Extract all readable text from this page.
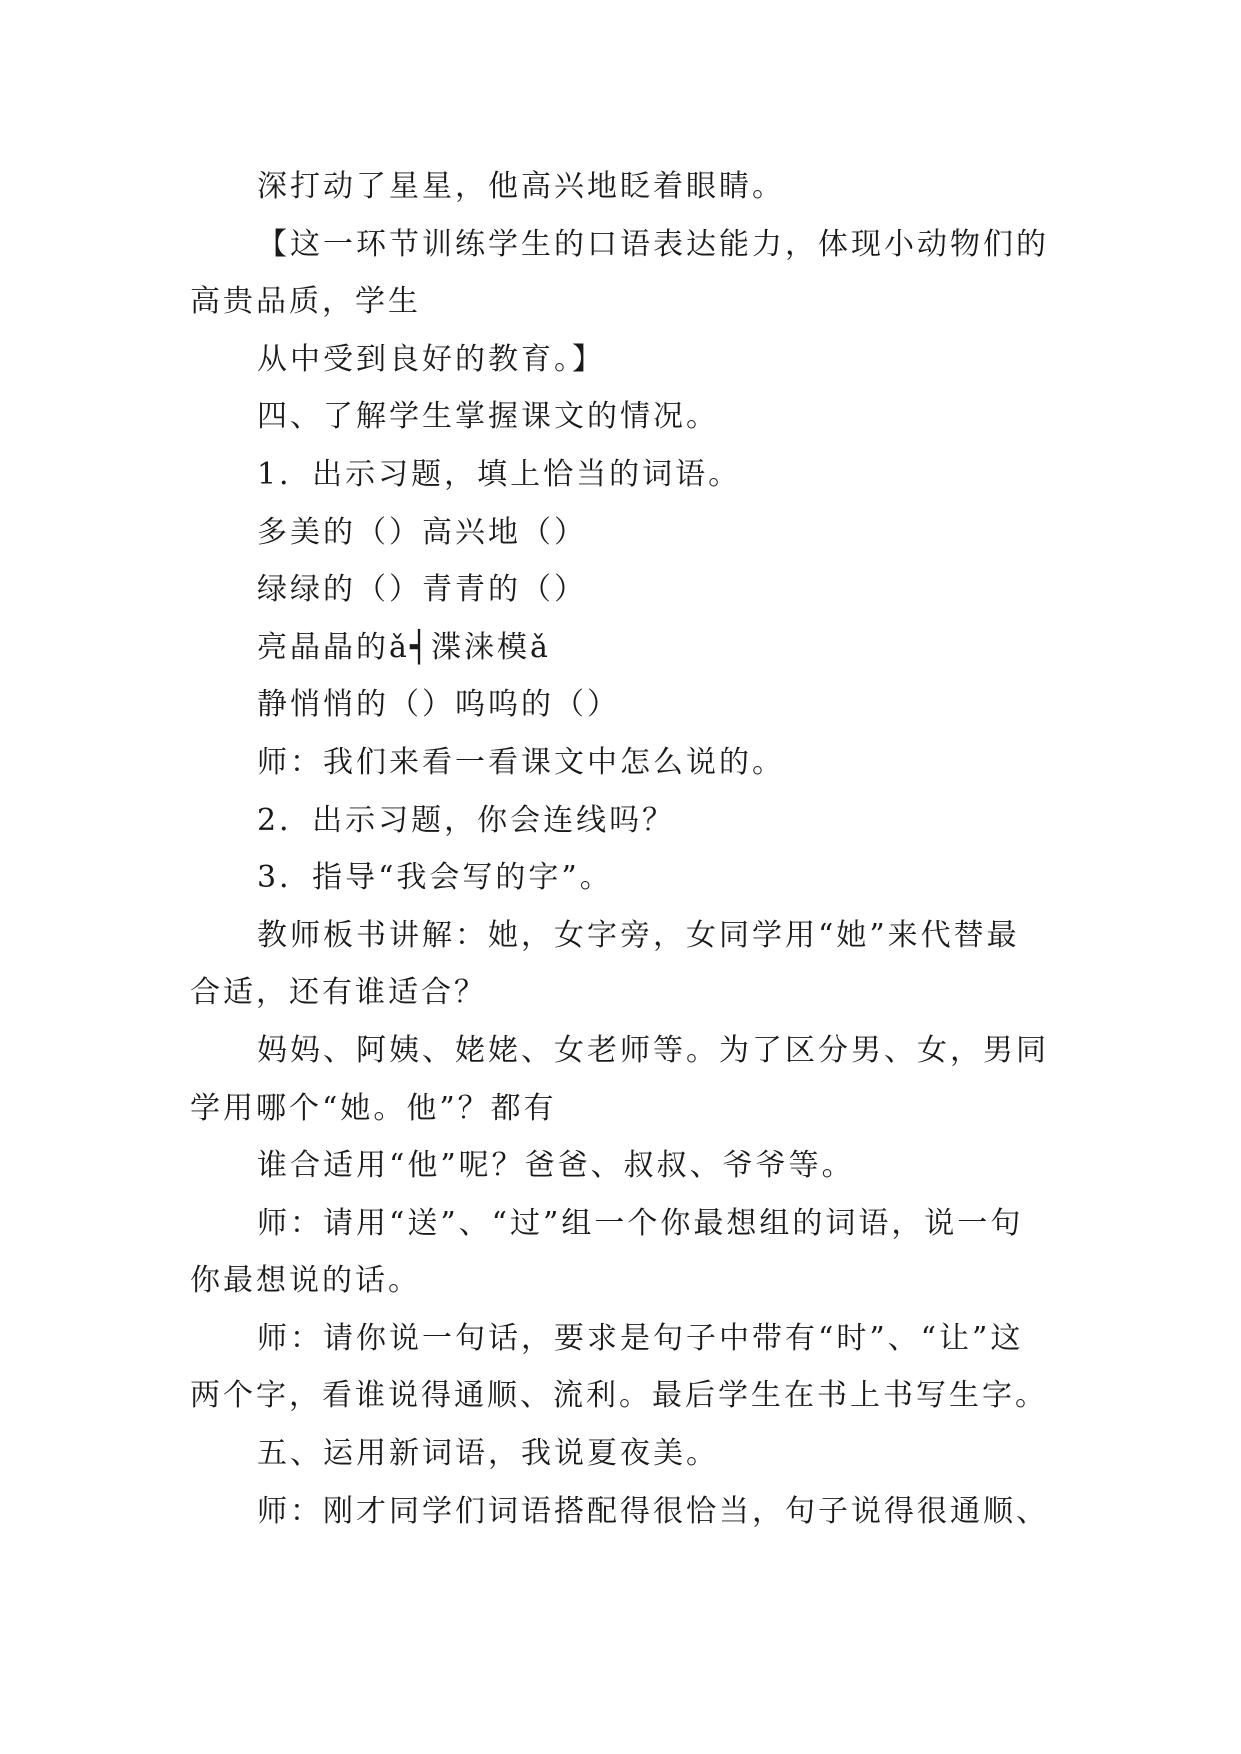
深打动了星星，他高兴地眨着眼睛。
【这一环节训练学生的口语表达能力，体现小动物们的
高贵品质，学生
从中受到良好的教育。】
四、了解学生掌握课文的情况。
1．出示习题，填上恰当的词语。
多美的（）高兴地（）
绿绿的（）青青的（）
亮晶晶的ǎ┥渫涞模ǎ
静悄悄的（）呜呜的（）
师：我们来看一看课文中怎么说的。
2．出示习题，你会连线吗？
3．指导“我会写的字”。
教师板书讲解：她，女字旁，女同学用“她”来代替最
合适，还有谁适合？
妈妈、阿姨、姥姥、女老师等。为了区分男、女，男同
学用哪个“她。他”？都有
谁合适用“他”呢？爸爸、叔叔、爷爷等。
师：请用“送”、“过”组一个你最想组的词语，说一句
你最想说的话。
师：请你说一句话，要求是句子中带有“时”、“让”这
两个字，看谁说得通顺、流利。最后学生在书上书写生字。
五、运用新词语，我说夏夜美。
师：刚才同学们词语搭配得很恰当，句子说得很通顺、
